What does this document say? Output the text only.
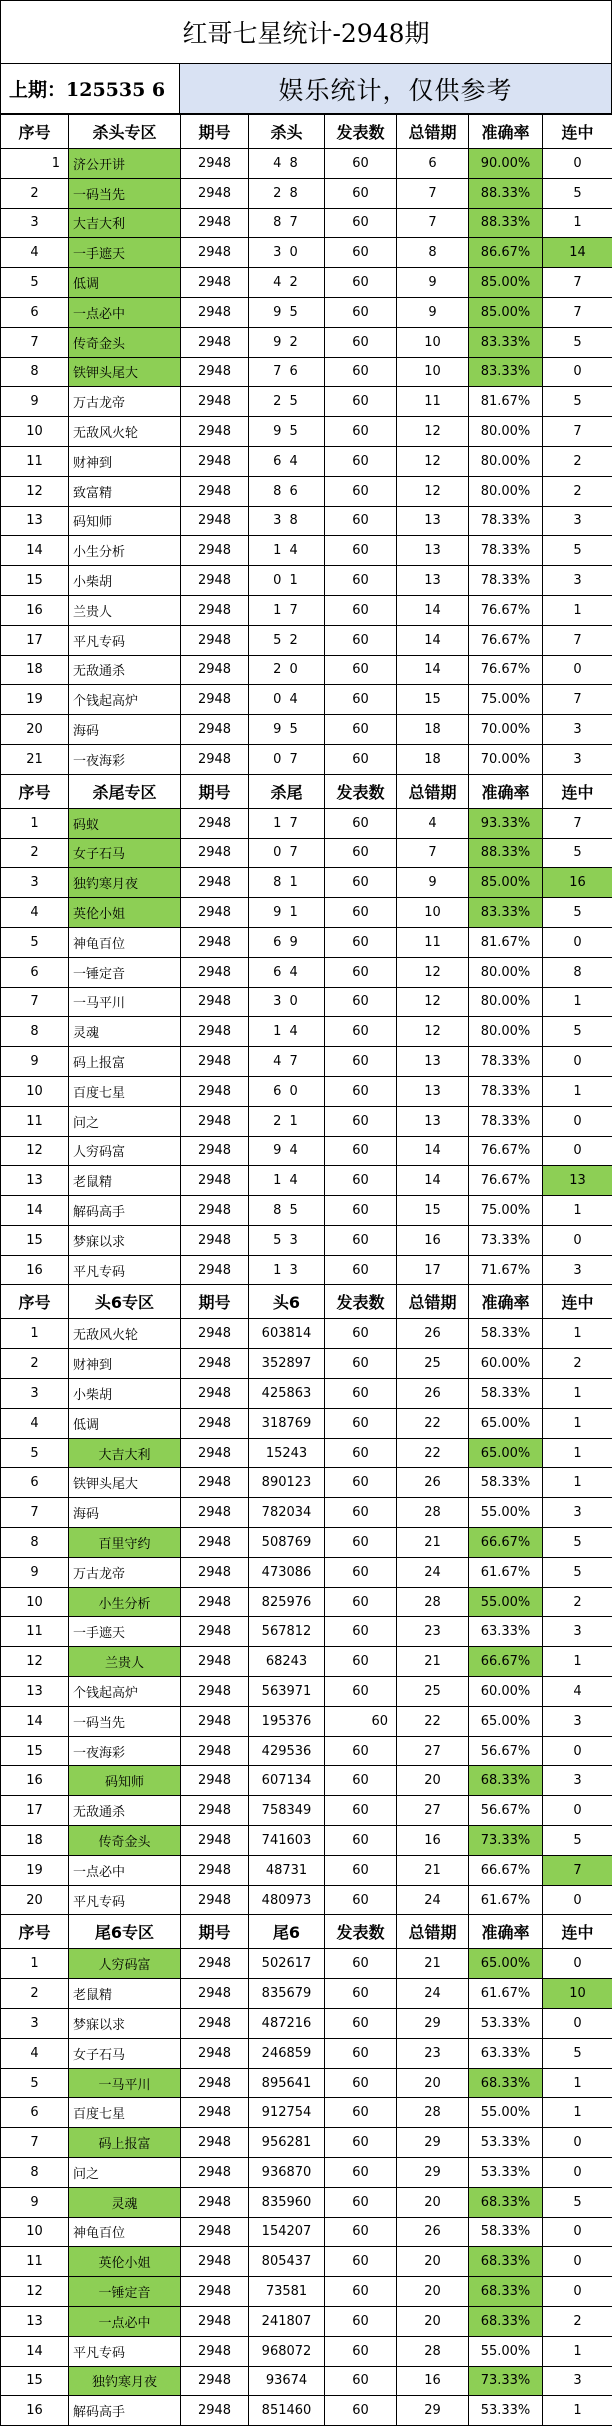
红哥七星统计-2948期
上期：125535 6	娱乐统计，仅供参考
序号	杀头专区	期号	杀头	发表数	总错期	准确率	连中
1	济公开讲	2948	4 8	60	6	90.00%	0
2	一码当先	2948	2 8	60	7	88.33%	5
3	大吉大利	2948	8 7	60	7	88.33%	1
4	一手遮天	2948	3 0	60	8	86.67%	14
5	低调	2948	4 2	60	9	85.00%	7
6	一点必中	2948	9 5	60	9	85.00%	7
7	传奇金头	2948	9 2	60	10	83.33%	5
8	铁钾头尾大	2948	7 6	60	10	83.33%	0
9	万古龙帝	2948	2 5	60	11	81.67%	5
10	无敌风火轮	2948	9 5	60	12	80.00%	7
11	财神到	2948	6 4	60	12	80.00%	2
12	致富精	2948	8 6	60	12	80.00%	2
13	码知师	2948	3 8	60	13	78.33%	3
14	小生分析	2948	1 4	60	13	78.33%	5
15	小柴胡	2948	0 1	60	13	78.33%	3
16	兰贵人	2948	1 7	60	14	76.67%	1
17	平凡专码	2948	5 2	60	14	76.67%	7
18	无敌通杀	2948	2 0	60	14	76.67%	0
19	个钱起高炉	2948	0 4	60	15	75.00%	7
20	海码	2948	9 5	60	18	70.00%	3
21	一夜海彩	2948	0 7	60	18	70.00%	3
序号	杀尾专区	期号	杀尾	发表数	总错期	准确率	连中
1	码蚁	2948	1 7	60	4	93.33%	7
2	女子石马	2948	0 7	60	7	88.33%	5
3	独钓寒月夜	2948	8 1	60	9	85.00%	16
4	英伦小姐	2948	9 1	60	10	83.33%	5
5	神龟百位	2948	6 9	60	11	81.67%	0
6	一锤定音	2948	6 4	60	12	80.00%	8
7	一马平川	2948	3 0	60	12	80.00%	1
8	灵魂	2948	1 4	60	12	80.00%	5
9	码上报富	2948	4 7	60	13	78.33%	0
10	百度七星	2948	6 0	60	13	78.33%	1
11	问之	2948	2 1	60	13	78.33%	0
12	人穷码富	2948	9 4	60	14	76.67%	0
13	老鼠精	2948	1 4	60	14	76.67%	13
14	解码高手	2948	8 5	60	15	75.00%	1
15	梦寐以求	2948	5 3	60	16	73.33%	0
16	平凡专码	2948	1 3	60	17	71.67%	3
序号	头6专区	期号	头6	发表数	总错期	准确率	连中
1	无敌风火轮	2948	603814	60	26	58.33%	1
2	财神到	2948	352897	60	25	60.00%	2
3	小柴胡	2948	425863	60	26	58.33%	1
4	低调	2948	318769	60	22	65.00%	1
5	大吉大利	2948	15243	60	22	65.00%	1
6	铁钾头尾大	2948	890123	60	26	58.33%	1
7	海码	2948	782034	60	28	55.00%	3
8	百里守约	2948	508769	60	21	66.67%	5
9	万古龙帝	2948	473086	60	24	61.67%	5
10	小生分析	2948	825976	60	28	55.00%	2
11	一手遮天	2948	567812	60	23	63.33%	3
12	兰贵人	2948	68243	60	21	66.67%	1
13	个钱起高炉	2948	563971	60	25	60.00%	4
14	一码当先	2948	195376	60	22	65.00%	3
15	一夜海彩	2948	429536	60	27	56.67%	0
16	码知师	2948	607134	60	20	68.33%	3
17	无敌通杀	2948	758349	60	27	56.67%	0
18	传奇金头	2948	741603	60	16	73.33%	5
19	一点必中	2948	48731	60	21	66.67%	7
20	平凡专码	2948	480973	60	24	61.67%	0
序号	尾6专区	期号	尾6	发表数	总错期	准确率	连中
1	人穷码富	2948	502617	60	21	65.00%	0
2	老鼠精	2948	835679	60	24	61.67%	10
3	梦寐以求	2948	487216	60	29	53.33%	0
4	女子石马	2948	246859	60	23	63.33%	5
5	一马平川	2948	895641	60	20	68.33%	1
6	百度七星	2948	912754	60	28	55.00%	1
7	码上报富	2948	956281	60	29	53.33%	0
8	问之	2948	936870	60	29	53.33%	0
9	灵魂	2948	835960	60	20	68.33%	5
10	神龟百位	2948	154207	60	26	58.33%	0
11	英伦小姐	2948	805437	60	20	68.33%	0
12	一锤定音	2948	73581	60	20	68.33%	0
13	一点必中	2948	241807	60	20	68.33%	2
14	平凡专码	2948	968072	60	28	55.00%	1
15	独钓寒月夜	2948	93674	60	16	73.33%	3
16	解码高手	2948	851460	60	29	53.33%	1
